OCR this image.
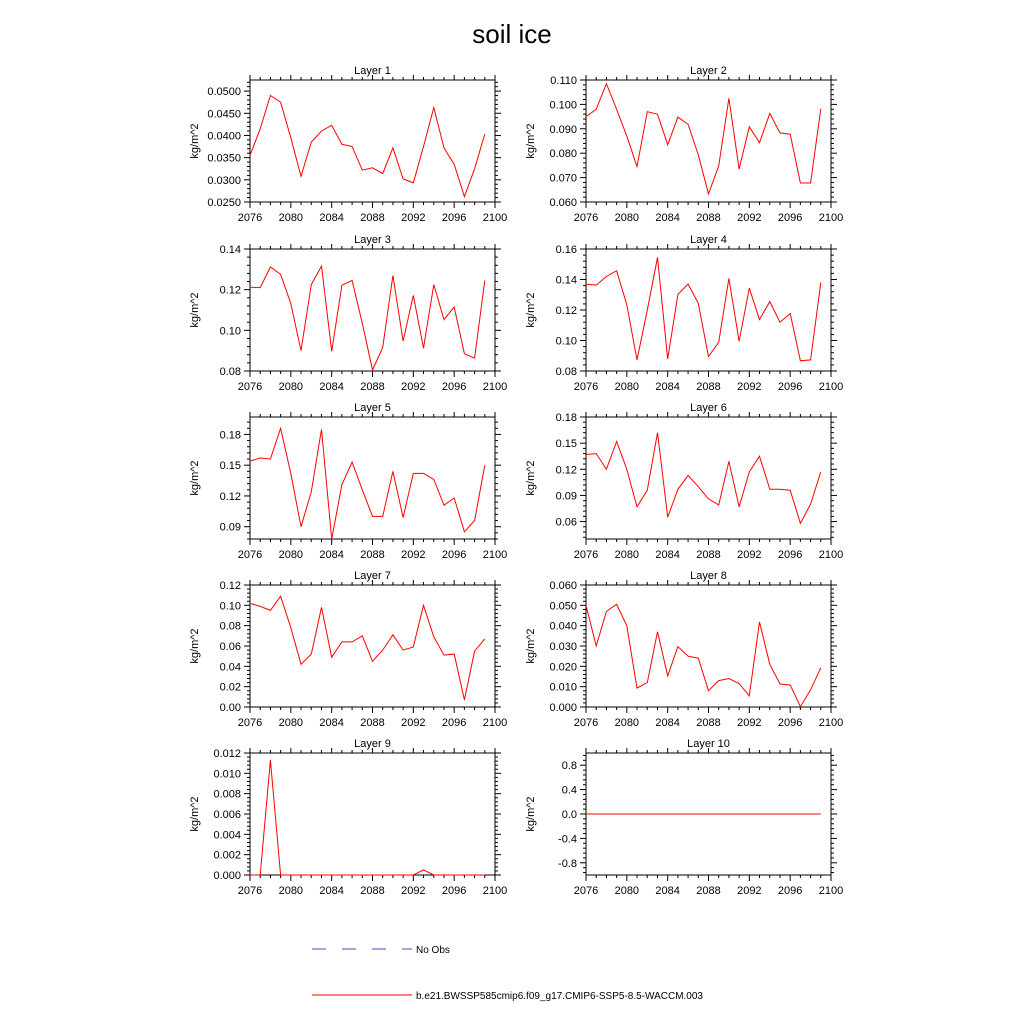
soil ice
Layer 1
kg/m^2
2076 2080 2084 2088 2092 2096 2100
0.0250
0.0300
0.0350
0.0400
0.0450
0.0500
Layer 2
kg/m^2
2076 2080 2084 2088 2092 2096 2100
0.060
0.070
0.080
0.090
0.100
0.110
Layer 3
kg/m^2
2076 2080 2084 2088 2092 2096 2100
0.08
0.10
0.12
0.14
Layer 4
kg/m^2
2076 2080 2084 2088 2092 2096 2100
0.08
0.10
0.12
0.14
0.16
Layer 5
kg/m^2
2076 2080 2084 2088 2092 2096 2100
0.09
0.12
0.15
0.18
Layer 6
kg/m^2
2076 2080 2084 2088 2092 2096 2100
0.06
0.09
0.12
0.15
0.18
Layer 7
kg/m^2
2076 2080 2084 2088 2092 2096 2100
0.00
0.02
0.04
0.06
0.08
0.10
0.12
Layer 8
kg/m^2
2076 2080 2084 2088 2092 2096 2100
0.000
0.010
0.020
0.030
0.040
0.050
0.060
Layer 9
kg/m^2
2076 2080 2084 2088 2092 2096 2100
0.000
0.002
0.004
0.006
0.008
0.010
0.012
Layer 10
kg/m^2
2076 2080 2084 2088 2092 2096 2100
-0.8
-0.4
0.0
0.4
0.8
No Obs
b.e21.BWSSP585cmip6.f09_g17.CMIP6-SSP5-8.5-WACCM.003
